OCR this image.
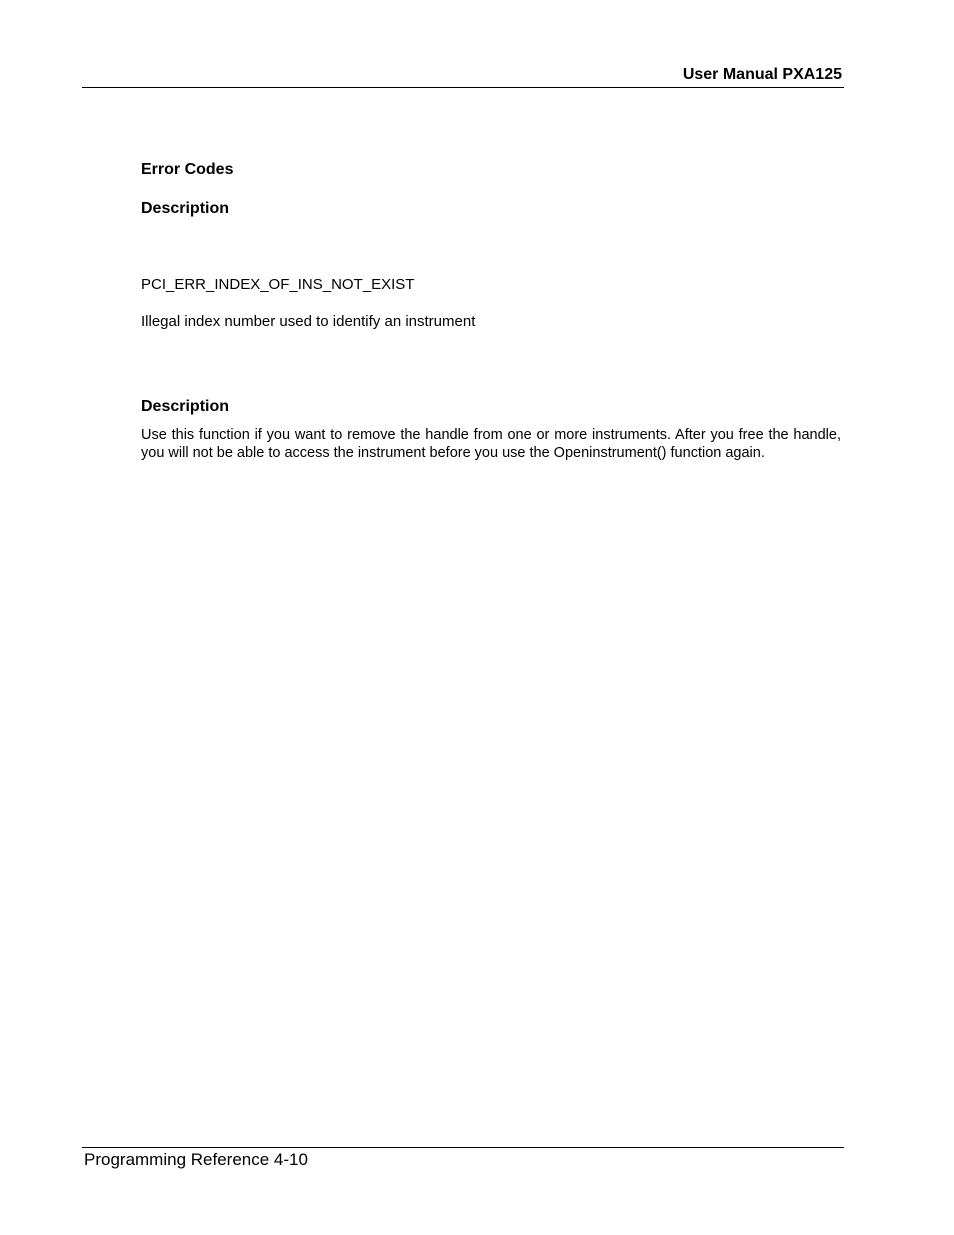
User Manual PXA125
Error Codes
Description
PCI_ERR_INDEX_OF_INS_NOT_EXIST
Illegal index number used to identify an instrument
Description
Use this function if you want to remove the handle from one or more instruments. After you free the handle, you will not be able to access the instrument before you use the Openinstrument() function again.
Programming Reference 4-10
